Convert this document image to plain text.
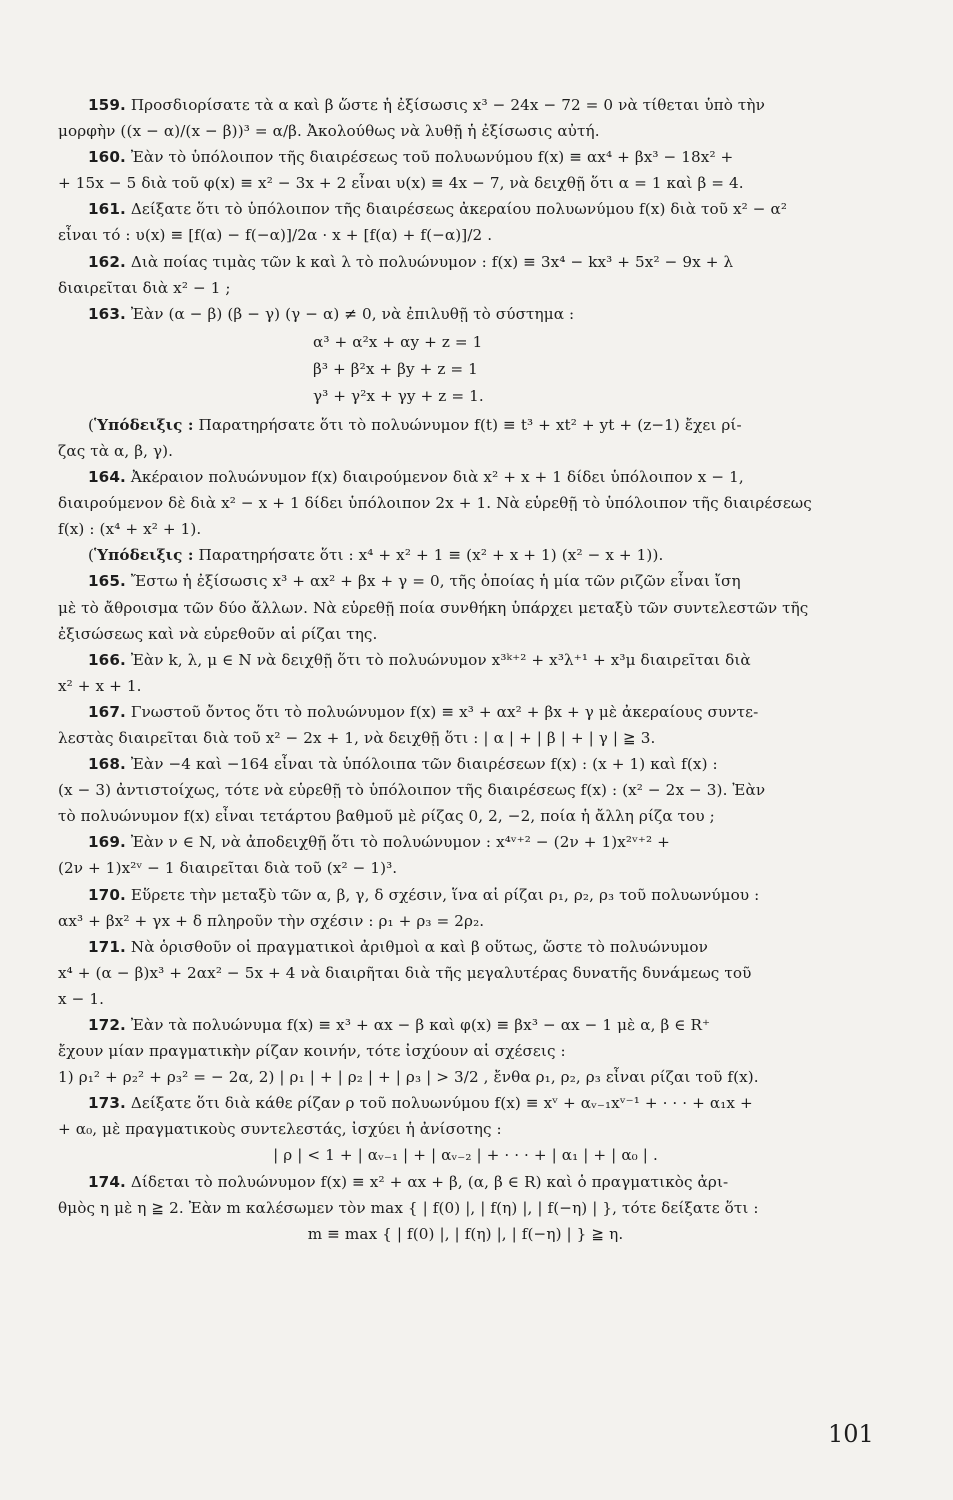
159. Προσδιορίσατε τὰ α καὶ β ὥστε ἡ ἐξίσωσις x³ − 24x − 72 = 0 νὰ τίθεται ὑπὸ τὴν

μορφὴν ((x − α)/(x − β))³ = α/β. Ἀκολούθως νὰ λυθῇ ἡ ἐξίσωσις αὐτή.

160. Ἐὰν τὸ ὑπόλοιπον τῆς διαιρέσεως τοῦ πολυωνύμου f(x) ≡ αx⁴ + βx³ − 18x² +

+ 15x − 5 διὰ τοῦ φ(x) ≡ x² − 3x + 2 εἶναι υ(x) ≡ 4x − 7, νὰ δειχθῇ ὅτι α = 1 καὶ β = 4.

161. Δείξατε ὅτι τὸ ὑπόλοιπον τῆς διαιρέσεως ἀκεραίου πολυωνύμου f(x) διὰ τοῦ x² − α²

εἶναι τό : υ(x) ≡ [f(α) − f(−α)]/2α · x + [f(α) + f(−α)]/2 .

162. Διὰ ποίας τιμὰς τῶν k καὶ λ τὸ πολυώνυμον : f(x) ≡ 3x⁴ − kx³ + 5x² − 9x + λ

διαιρεῖται διὰ x² − 1 ;

163. Ἐὰν (α − β) (β − γ) (γ − α) ≠ 0, νὰ ἐπιλυθῇ τὸ σύστημα :

α³ + α²x + αy + z = 1
β³ + β²x + βy + z = 1
γ³ + γ²x + γy + z = 1.

(Ὑπόδειξις : Παρατηρήσατε ὅτι τὸ πολυώνυμον f(t) ≡ t³ + xt² + yt + (z−1) ἔχει ρί-

ζας τὰ α, β, γ).

164. Ἀκέραιον πολυώνυμον f(x) διαιρούμενον διὰ x² + x + 1 δίδει ὑπόλοιπον x − 1,

διαιρούμενον δὲ διὰ x² − x + 1 δίδει ὑπόλοιπον 2x + 1. Νὰ εὑρεθῇ τὸ ὑπόλοιπον τῆς διαιρέσεως

f(x) : (x⁴ + x² + 1).

(Ὑπόδειξις : Παρατηρήσατε ὅτι : x⁴ + x² + 1 ≡ (x² + x + 1) (x² − x + 1)).

165. Ἔστω ἡ ἐξίσωσις x³ + αx² + βx + γ = 0, τῆς ὁποίας ἡ μία τῶν ριζῶν εἶναι ἴση

μὲ τὸ ἄθροισμα τῶν δύο ἄλλων. Νὰ εὑρεθῇ ποία συνθήκη ὑπάρχει μεταξὺ τῶν συντελεστῶν τῆς

ἐξισώσεως καὶ νὰ εὑρεθοῦν αἱ ρίζαι της.

166. Ἐὰν k, λ, μ ∈ N νὰ δειχθῇ ὅτι τὸ πολυώνυμον x³ᵏ⁺² + x³λ⁺¹ + x³μ διαιρεῖται διὰ

x² + x + 1.

167. Γνωστοῦ ὄντος ὅτι τὸ πολυώνυμον f(x) ≡ x³ + αx² + βx + γ μὲ ἀκεραίους συντε-

λεστὰς διαιρεῖται διὰ τοῦ x² − 2x + 1, νὰ δειχθῇ ὅτι : | α | + | β | + | γ | ≧ 3.

168. Ἐὰν −4 καὶ −164 εἶναι τὰ ὑπόλοιπα τῶν διαιρέσεων f(x) : (x + 1) καὶ f(x) :

(x − 3) ἀντιστοίχως, τότε νὰ εὑρεθῇ τὸ ὑπόλοιπον τῆς διαιρέσεως f(x) : (x² − 2x − 3). Ἐὰν

τὸ πολυώνυμον f(x) εἶναι τετάρτου βαθμοῦ μὲ ρίζας 0, 2, −2, ποία ἡ ἄλλη ρίζα του ;

169. Ἐὰν ν ∈ N, νὰ ἀποδειχθῇ ὅτι τὸ πολυώνυμον : x⁴ᵛ⁺² − (2ν + 1)x²ᵛ⁺² +

(2ν + 1)x²ᵛ − 1 διαιρεῖται διὰ τοῦ (x² − 1)³.

170. Εὕρετε τὴν μεταξὺ τῶν α, β, γ, δ σχέσιν, ἵνα αἱ ρίζαι ρ₁, ρ₂, ρ₃ τοῦ πολυωνύμου :

αx³ + βx² + γx + δ πληροῦν τὴν σχέσιν : ρ₁ + ρ₃ = 2ρ₂.

171. Νὰ ὁρισθοῦν οἱ πραγματικοὶ ἀριθμοὶ α καὶ β οὕτως, ὥστε τὸ πολυώνυμον

x⁴ + (α − β)x³ + 2αx² − 5x + 4 νὰ διαιρῆται διὰ τῆς μεγαλυτέρας δυνατῆς δυνάμεως τοῦ

x − 1.

172. Ἐὰν τὰ πολυώνυμα f(x) ≡ x³ + αx − β καὶ φ(x) ≡ βx³ − αx − 1 μὲ α, β ∈ R⁺

ἔχουν μίαν πραγματικὴν ρίζαν κοινήν, τότε ἰσχύουν αἱ σχέσεις :

1) ρ₁² + ρ₂² + ρ₃² = − 2α, 2) | ρ₁ | + | ρ₂ | + | ρ₃ | > 3/2 , ἔνθα ρ₁, ρ₂, ρ₃ εἶναι ρίζαι τοῦ f(x).

173. Δείξατε ὅτι διὰ κάθε ρίζαν ρ τοῦ πολυωνύμου f(x) ≡ xᵛ + αᵥ₋₁xᵛ⁻¹ + · · · + α₁x +

+ α₀, μὲ πραγματικοὺς συντελεστάς, ἰσχύει ἡ ἀνίσοτης :

| ρ | < 1 + | αᵥ₋₁ | + | αᵥ₋₂ | + · · · + | α₁ | + | α₀ | .

174. Δίδεται τὸ πολυώνυμον f(x) ≡ x² + αx + β, (α, β ∈ R) καὶ ὁ πραγματικὸς ἀρι-

θμὸς η μὲ η ≧ 2. Ἐὰν m καλέσωμεν τὸν max { | f(0) |, | f(η) |, | f(−η) | }, τότε δείξατε ὅτι :

m ≡ max { | f(0) |, | f(η) |, | f(−η) | } ≧ η.

101
